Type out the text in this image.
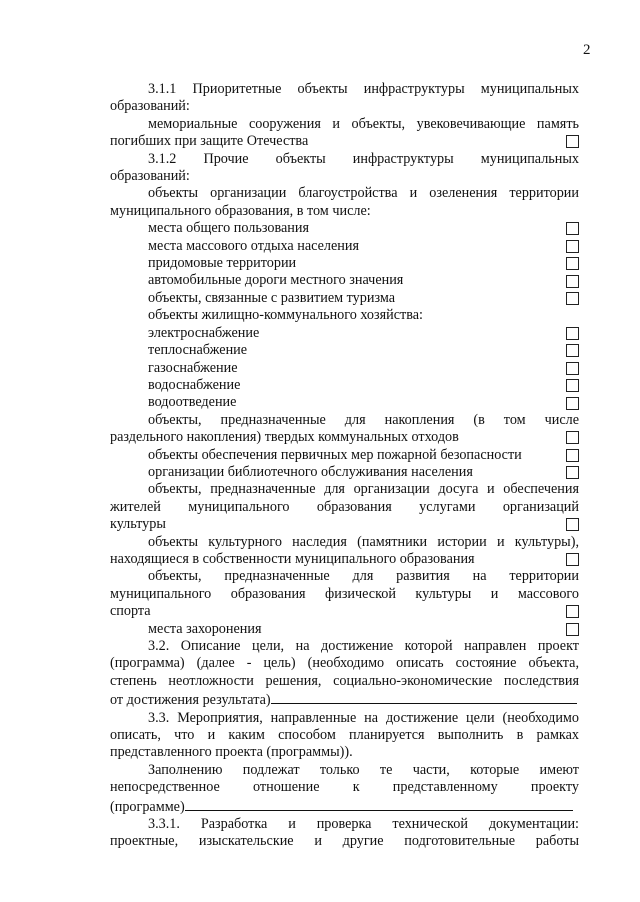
2

3.1.1 Приоритетные объекты инфраструктуры муниципальных

образований:

мемориальные сооружения и объекты, увековечивающие память

погибших при защите Отечества

3.1.2 Прочие объекты инфраструктуры муниципальных

образований:

объекты организации благоустройства и озеленения территории

муниципального образования, в том числе:

места общего пользования
места массового отдыха населения
придомовые территории
автомобильные дороги местного значения
объекты, связанные с развитием туризма
объекты жилищно-коммунального хозяйства:
электроснабжение
теплоснабжение
газоснабжение
водоснабжение
водоотведение

объекты, предназначенные для накопления (в том числе

раздельного накопления) твердых коммунальных отходов
объекты обеспечения первичных мер пожарной безопасности
организации библиотечного обслуживания населения

объекты, предназначенные для организации досуга и обеспечения

жителей муниципального образования услугами организаций

культуры

объекты культурного наследия (памятники истории и культуры),

находящиеся в собственности муниципального образования

объекты, предназначенные для развития на территории

муниципального образования физической культуры и массового

спорта
места захоронения

3.2. Описание цели, на достижение которой направлен проект

(программа) (далее - цель) (необходимо описать состояние объекта,

степень неотложности решения, социально-экономические последствия

от достижения результата)

3.3. Мероприятия, направленные на достижение цели (необходимо

описать, что и каким способом планируется выполнить в рамках

представленного проекта (программы)).

Заполнению подлежат только те части, которые имеют

непосредственное отношение к представленному проекту

(программе)

3.3.1. Разработка и проверка технической документации:

проектные, изыскательские и другие подготовительные работы
